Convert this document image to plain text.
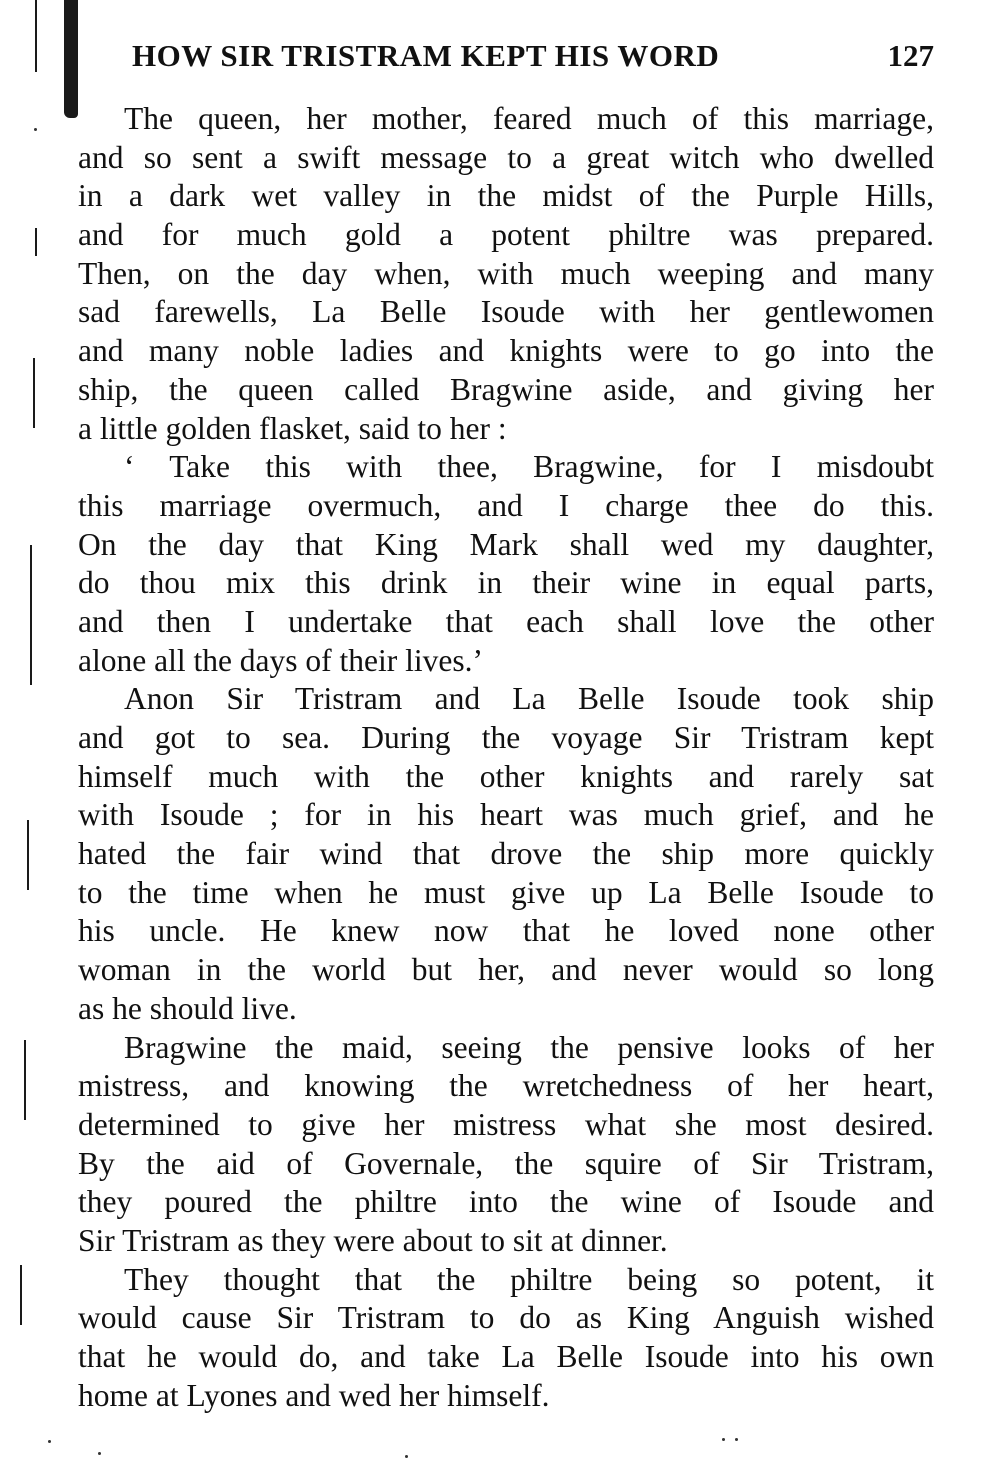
HOW SIR TRISTRAM KEPT HIS WORD	127
The queen, her mother, feared much of this marriage,
and so sent a swift message to a great witch who dwelled
in a dark wet valley in the midst of the Purple Hills,
and for much gold a potent philtre was prepared.
Then, on the day when, with much weeping and many
sad farewells, La Belle Isoude with her gentlewomen
and many noble ladies and knights were to go into the
ship, the queen called Bragwine aside, and giving her
a little golden flasket, said to her :
‘ Take this with thee, Bragwine, for I misdoubt
this marriage overmuch, and I charge thee do this.
On the day that King Mark shall wed my daughter,
do thou mix this drink in their wine in equal parts,
and then I undertake that each shall love the other
alone all the days of their lives.’
Anon Sir Tristram and La Belle Isoude took ship
and got to sea. During the voyage Sir Tristram kept
himself much with the other knights and rarely sat
with Isoude ; for in his heart was much grief, and he
hated the fair wind that drove the ship more quickly
to the time when he must give up La Belle Isoude to
his uncle. He knew now that he loved none other
woman in the world but her, and never would so long
as he should live.
Bragwine the maid, seeing the pensive looks of her
mistress, and knowing the wretchedness of her heart,
determined to give her mistress what she most desired.
By the aid of Governale, the squire of Sir Tristram,
they poured the philtre into the wine of Isoude and
Sir Tristram as they were about to sit at dinner.
They thought that the philtre being so potent, it
would cause Sir Tristram to do as King Anguish wished
that he would do, and take La Belle Isoude into his own
home at Lyones and wed her himself.
